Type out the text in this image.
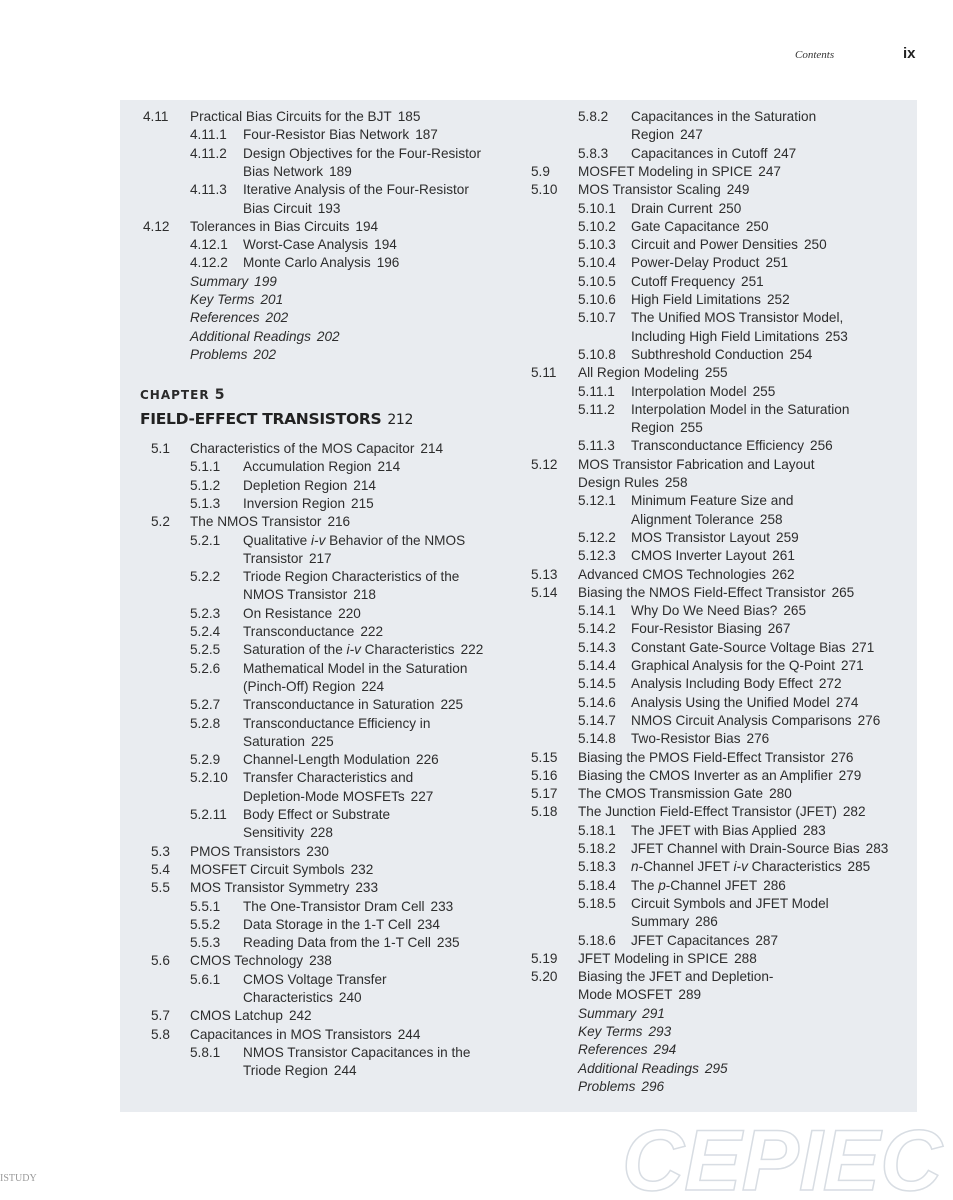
Contents	ix
4.11 Practical Bias Circuits for the BJT 185
4.11.1 Four-Resistor Bias Network 187
4.11.2 Design Objectives for the Four-Resistor
Bias Network 189
4.11.3 Iterative Analysis of the Four-Resistor
Bias Circuit 193
4.12 Tolerances in Bias Circuits 194
4.12.1 Worst-Case Analysis 194
4.12.2 Monte Carlo Analysis 196
Summary 199
Key Terms 201
References 202
Additional Readings202
Problems 202
CHAPTER 5
FIELD-EFFECT TRANSISTORS 212
5.1 Characteristics of the MOS Capacitor 214
5.1.1 Accumulation Region 214
5.1.2 Depletion Region 214
5.1.3 Inversion Region 215
5.2 The NMOS Transistor 216
5.2.1 Qualitative i-v Behavior of the NMOS
Transistor 217
5.2.2 Triode Region Characteristics of the
NMOS Transistor 218
5.2.3 On Resistance 220
5.2.4 Transconductance 222
5.2.5 Saturation of the i-v Characteristics 222
5.2.6 Mathematical Model in the Saturation
(Pinch-Off) Region 224
5.2.7 Transconductance in Saturation 225
5.2.8 Transconductance Efficiency in
Saturation 225
5.2.9 Channel-Length Modulation 226
5.2.10 Transfer Characteristics and
Depletion-Mode MOSFETs 227
5.2.11 Body Effect or Substrate
Sensitivity 228
5.3 PMOS Transistors 230
5.4 MOSFET Circuit Symbols 232
5.5 MOS Transistor Symmetry 233
5.5.1 The One-Transistor Dram Cell 233
5.5.2 Data Storage in the 1-T Cell 234
5.5.3 Reading Data from the 1-T Cell 235
5.6 CMOS Technology 238
5.6.1 CMOS Voltage Transfer
Characteristics 240
5.7 CMOS Latchup 242
5.8 Capacitances in MOS Transistors 244
5.8.1 NMOS Transistor Capacitances in the
Triode Region 244
5.8.2 Capacitances in the Saturation
Region 247
5.8.3 Capacitances in Cutoff 247
5.9 MOSFET Modeling in SPICE 247
5.10 MOS Transistor Scaling 249
5.10.1 Drain Current 250
5.10.2 Gate Capacitance 250
5.10.3 Circuit and Power Densities 250
5.10.4 Power-Delay Product 251
5.10.5 Cutoff Frequency 251
5.10.6 High Field Limitations 252
5.10.7 The Unified MOS Transistor Model,
Including High Field Limitations 253
5.10.8 Subthreshold Conduction 254
5.11 All Region Modeling 255
5.11.1 Interpolation Model 255
5.11.2 Interpolation Model in the Saturation
Region 255
5.11.3 Transconductance Efficiency 256
5.12 MOS Transistor Fabrication and Layout
Design Rules 258
5.12.1 Minimum Feature Size and
Alignment Tolerance 258
5.12.2 MOS Transistor Layout 259
5.12.3 CMOS Inverter Layout 261
5.13 Advanced CMOS Technologies 262
5.14 Biasing the NMOS Field-Effect Transistor 265
5.14.1 Why Do We Need Bias? 265
5.14.2 Four-Resistor Biasing 267
5.14.3 Constant Gate-Source Voltage Bias 271
5.14.4 Graphical Analysis for the Q-Point 271
5.14.5 Analysis Including Body Effect 272
5.14.6 Analysis Using the Unified Model 274
5.14.7 NMOS Circuit Analysis Comparisons 276
5.14.8 Two-Resistor Bias 276
5.15 Biasing the PMOS Field-Effect Transistor 276
5.16 Biasing the CMOS Inverter as an Amplifier 279
5.17 The CMOS Transmission Gate 280
5.18 The Junction Field-Effect Transistor (JFET) 282
5.18.1 The JFET with Bias Applied 283
5.18.2 JFET Channel with Drain-Source Bias 283
5.18.3 n-Channel JFET i-v Characteristics 285
5.18.4 The p-Channel JFET 286
5.18.5 Circuit Symbols and JFET Model
Summary 286
5.18.6 JFET Capacitances 287
5.19 JFET Modeling in SPICE 288
5.20 Biasing the JFET and Depletion-
Mode MOSFET 289
Summary 291
Key Terms 293
References 294
Additional Readings295
Problems 296
ISTUDY	CEPIEC
